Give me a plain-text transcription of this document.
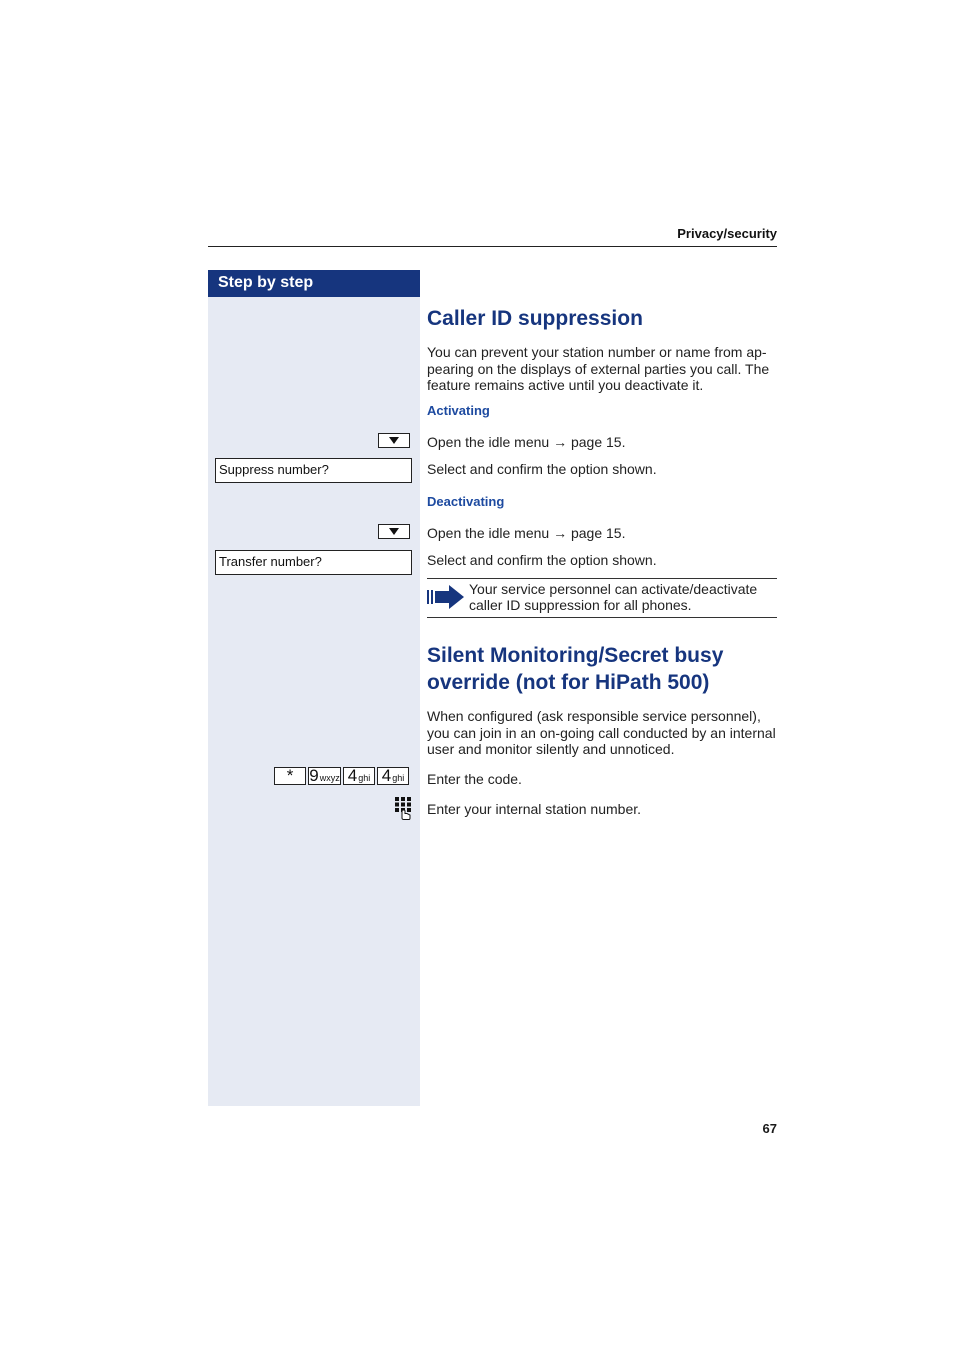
Privacy/security
Step by step
Caller ID suppression
You can prevent your station number or name from ap-pearing on the displays of external parties you call. The feature remains active until you deactivate it.
Activating
Open the idle menu → page 15.
Suppress number?	Select and confirm the option shown.
Deactivating
Open the idle menu → page 15.
Transfer number?	Select and confirm the option shown.
Your service personnel can activate/deactivate caller ID suppression for all phones.
Silent Monitoring/Secret busy override (not for HiPath 500)
When configured (ask responsible service personnel), you can join in an on-going call conducted by an internal user and monitor silently and unnoticed.
* 9 wxyz 4 ghi 4 ghi Enter the code.
Enter your internal station number.
67
